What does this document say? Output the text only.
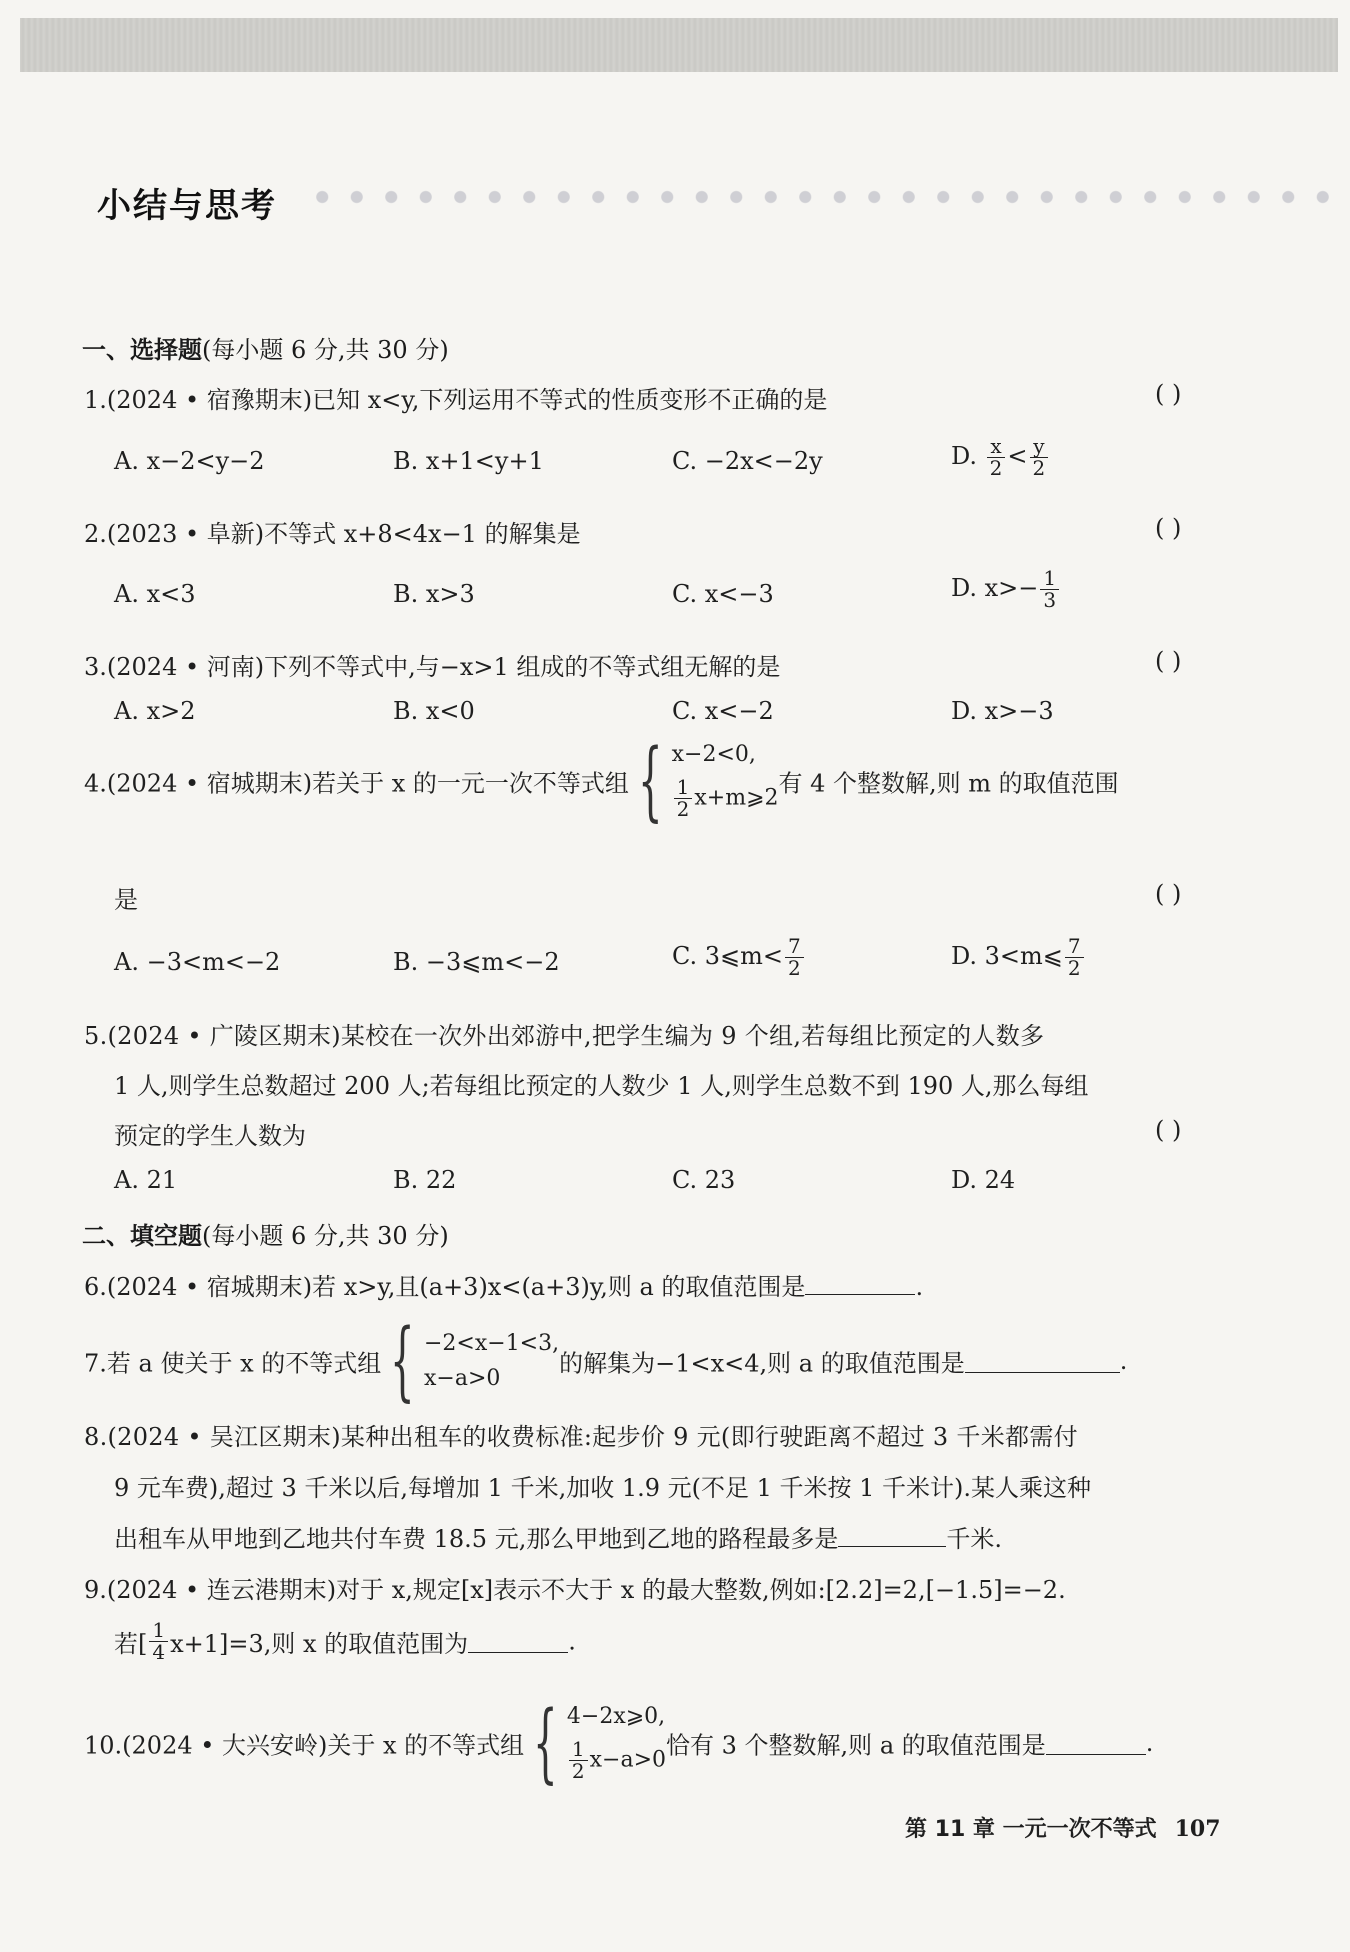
小结与思考
一、选择题(每小题 6 分,共 30 分)
1.(2024 • 宿豫期末)已知 x<y,下列运用不等式的性质变形不正确的是	( )
A. x−2<y−2	B. x+1<y+1	C. −2x<−2y	D. $\frac{x}{2} < \frac{y}{2}$
2.(2023 • 阜新)不等式 x+8<4x−1 的解集是	( )
A. x<3	B. x>3	C. x<−3	D. $x>- \frac{1}{3}$
3.(2024 • 河南)下列不等式中,与−x>1 组成的不等式组无解的是	( )
A. x>2	B. x<0	C. x<−2	D. x>−3
4.(2024 • 宿城期末)若关于 x 的一元一次不等式组 { x−2<0,
$\frac{1}{2}$ x+m⩾2
有 4 个整数解,则 m 的取值范围
是	( )
A. −3<m<−2	B. −3⩽m<−2	C. 3⩽m< $\frac{7}{2}$	D. 3<m⩽ $\frac{7}{2}$
5.(2024 • 广陵区期末)某校在一次外出郊游中,把学生编为 9 个组,若每组比预定的人数多
1 人,则学生总数超过 200 人;若每组比预定的人数少 1 人,则学生总数不到 190 人,那么每组
预定的学生人数为	( )
A. 21	B. 22	C. 23	D. 24
二、填空题(每小题 6 分,共 30 分)
6.(2024 • 宿城期末)若 x>y,且(a+3)x<(a+3)y,则 a 的取值范围是	.
7.若 a 使关于 x 的不等式组 { −2<x−1<3,
x−a>0
的解集为−1<x<4,则 a 的取值范围是	.
8.(2024 • 吴江区期末)某种出租车的收费标准:起步价 9 元(即行驶距离不超过 3 千米都需付
9 元车费),超过 3 千米以后,每增加 1 千米,加收 1.9 元(不足 1 千米按 1 千米计).某人乘这种
出租车从甲地到乙地共付车费 18.5 元,那么甲地到乙地的路程最多是	千米.
9.(2024 • 连云港期末)对于 x,规定[x]表示不大于 x 的最大整数,例如:[2.2]=2,[−1.5]=−2.
若[ $\frac{1}{4} x+1]=3$,则 x 的取值范围为	.
10.(2024 • 大兴安岭)关于 x 的不等式组 { 4−2x⩾0,
$\frac{1}{2} x-a>0$
恰有 3 个整数解,则 a 的取值范围是	.
第 11 章 一元一次不等式 107
